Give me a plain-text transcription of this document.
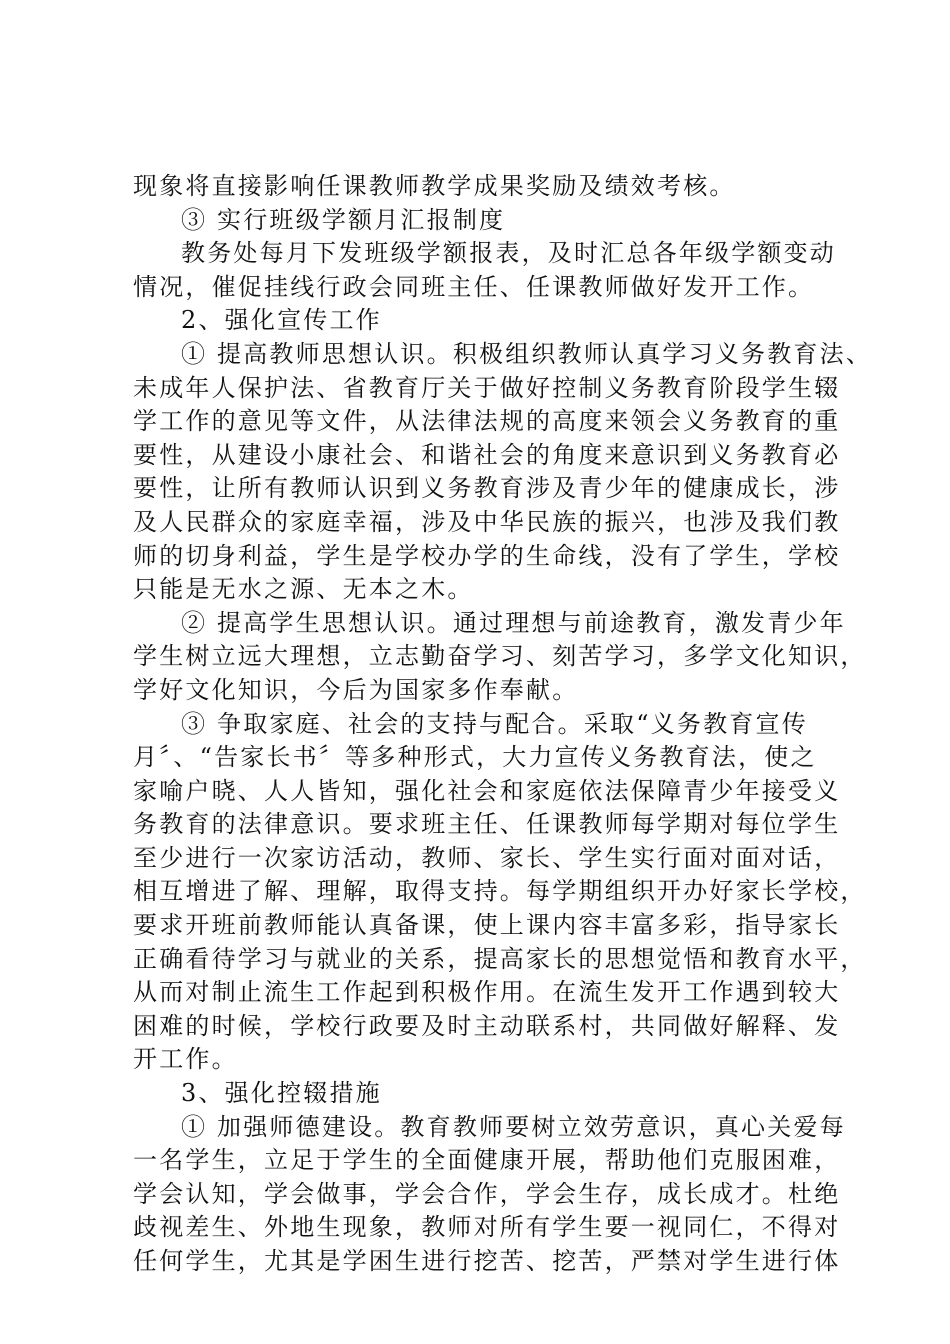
现象将直接影响任课教师教学成果奖励及绩效考核。

③ 实行班级学额月汇报制度

教务处每月下发班级学额报表，及时汇总各年级学额变动

情况，催促挂线行政会同班主任、任课教师做好发开工作。

2、强化宣传工作

① 提高教师思想认识。积极组织教师认真学习义务教育法、

未成年人保护法、省教育厅关于做好控制义务教育阶段学生辍

学工作的意见等文件，从法律法规的高度来领会义务教育的重

要性，从建设小康社会、和谐社会的角度来意识到义务教育必

要性，让所有教师认识到义务教育涉及青少年的健康成长，涉

及人民群众的家庭幸福，涉及中华民族的振兴，也涉及我们教

师的切身利益，学生是学校办学的生命线，没有了学生，学校

只能是无水之源、无本之木。

② 提高学生思想认识。通过理想与前途教育，激发青少年

学生树立远大理想，立志勤奋学习、刻苦学习，多学文化知识，

学好文化知识，今后为国家多作奉献。

③ 争取家庭、社会的支持与配合。采取“义务教育宣传

月〞、“告家长书〞等多种形式，大力宣传义务教育法，使之

家喻户晓、人人皆知，强化社会和家庭依法保障青少年接受义

务教育的法律意识。要求班主任、任课教师每学期对每位学生

至少进行一次家访活动，教师、家长、学生实行面对面对话，

相互增进了解、理解，取得支持。每学期组织开办好家长学校，

要求开班前教师能认真备课，使上课内容丰富多彩，指导家长

正确看待学习与就业的关系，提高家长的思想觉悟和教育水平，

从而对制止流生工作起到积极作用。在流生发开工作遇到较大

困难的时候，学校行政要及时主动联系村，共同做好解释、发

开工作。

3、强化控辍措施

① 加强师德建设。教育教师要树立效劳意识，真心关爱每

一名学生，立足于学生的全面健康开展，帮助他们克服困难，

学会认知，学会做事，学会合作，学会生存，成长成才。杜绝

歧视差生、外地生现象，教师对所有学生要一视同仁，不得对

任何学生，尤其是学困生进行挖苦、挖苦，严禁对学生进行体
